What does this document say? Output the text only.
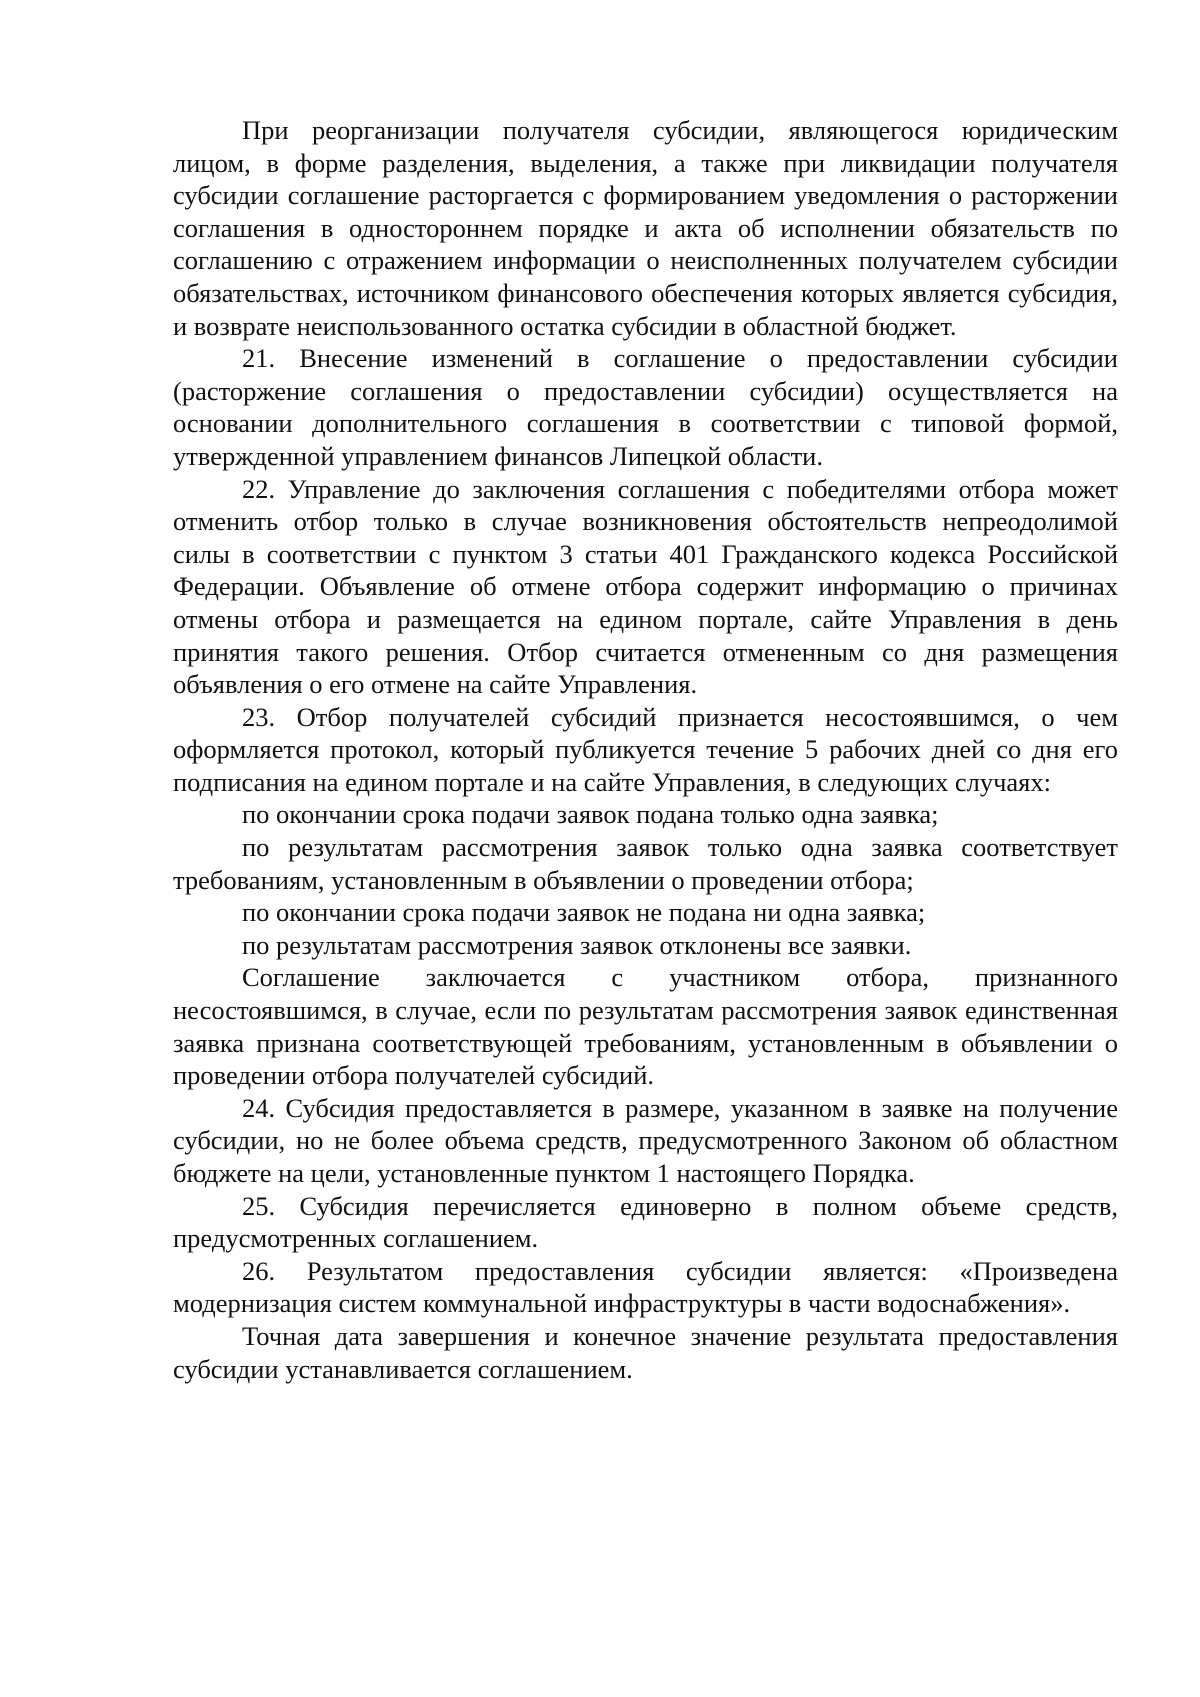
При реорганизации получателя субсидии, являющегося юридическим лицом, в форме разделения, выделения, а также при ликвидации получателя субсидии соглашение расторгается с формированием уведомления о расторжении соглашения в одностороннем порядке и акта об исполнении обязательств по соглашению с отражением информации о неисполненных получателем субсидии обязательствах, источником финансового обеспечения которых является субсидия, и возврате неиспользованного остатка субсидии в областной бюджет.

21. Внесение изменений в соглашение о предоставлении субсидии (расторжение соглашения о предоставлении субсидии) осуществляется на основании дополнительного соглашения в соответствии с типовой формой, утвержденной управлением финансов Липецкой области.

22. Управление до заключения соглашения с победителями отбора может отменить отбор только в случае возникновения обстоятельств непреодолимой силы в соответствии с пунктом 3 статьи 401 Гражданского кодекса Российской Федерации. Объявление об отмене отбора содержит информацию о причинах отмены отбора и размещается на едином портале, сайте Управления в день принятия такого решения. Отбор считается отмененным со дня размещения объявления о его отмене на сайте Управления.

23. Отбор получателей субсидий признается несостоявшимся, о чем оформляется протокол, который публикуется течение 5 рабочих дней со дня его подписания на едином портале и на сайте Управления, в следующих случаях:

по окончании срока подачи заявок подана только одна заявка;

по результатам рассмотрения заявок только одна заявка соответствует требованиям, установленным в объявлении о проведении отбора;

по окончании срока подачи заявок не подана ни одна заявка;

по результатам рассмотрения заявок отклонены все заявки.

Соглашение заключается с участником отбора, признанного несостоявшимся, в случае, если по результатам рассмотрения заявок единственная заявка признана соответствующей требованиям, установленным в объявлении о проведении отбора получателей субсидий.

24. Субсидия предоставляется в размере, указанном в заявке на получение субсидии, но не более объема средств, предусмотренного Законом об областном бюджете на цели, установленные пунктом 1 настоящего Порядка.

25. Субсидия перечисляется единоверно в полном объеме средств, предусмотренных соглашением.

26. Результатом предоставления субсидии является: «Произведена модернизация систем коммунальной инфраструктуры в части водоснабжения».

Точная дата завершения и конечное значение результата предоставления субсидии устанавливается соглашением.
